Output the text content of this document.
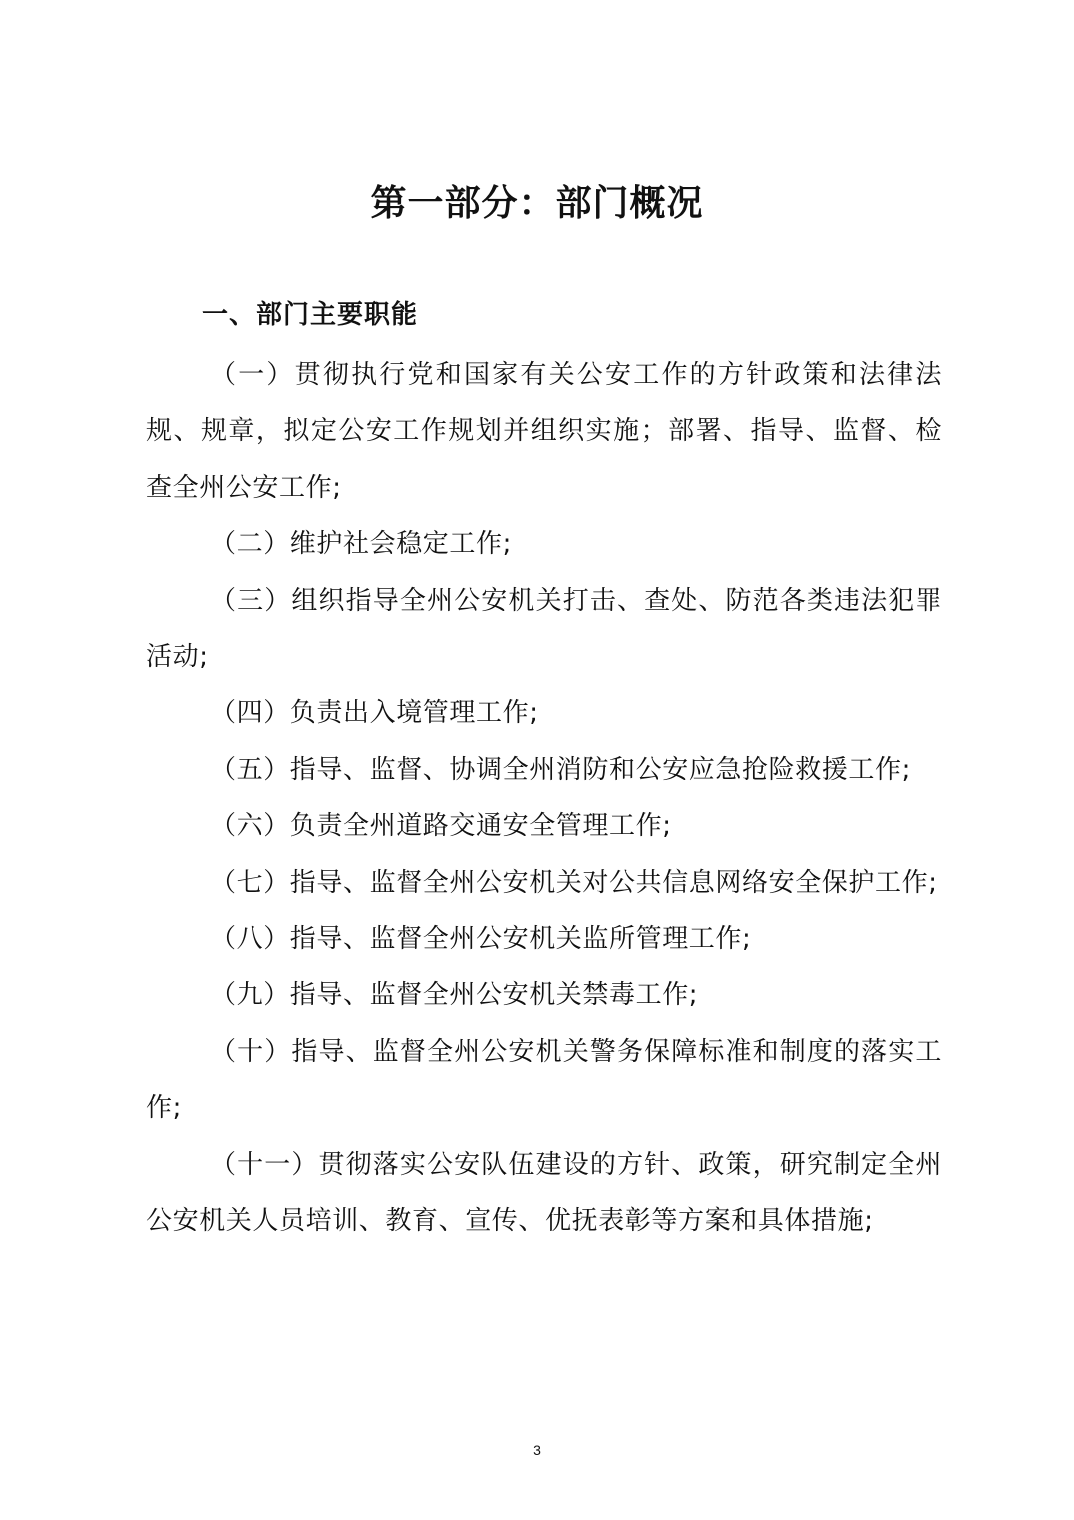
第一部分：部门概况
一、部门主要职能

（一）贯彻执行党和国家有关公安工作的方针政策和法律法规、规章，拟定公安工作规划并组织实施；部署、指导、监督、检查全州公安工作;

（二）维护社会稳定工作;

（三）组织指导全州公安机关打击、查处、防范各类违法犯罪活动;

（四）负责出入境管理工作;

（五）指导、监督、协调全州消防和公安应急抢险救援工作;

（六）负责全州道路交通安全管理工作;

（七）指导、监督全州公安机关对公共信息网络安全保护工作;

（八）指导、监督全州公安机关监所管理工作;

（九）指导、监督全州公安机关禁毒工作;

（十）指导、监督全州公安机关警务保障标准和制度的落实工作;

（十一）贯彻落实公安队伍建设的方针、政策，研究制定全州公安机关人员培训、教育、宣传、优抚表彰等方案和具体措施;

3
